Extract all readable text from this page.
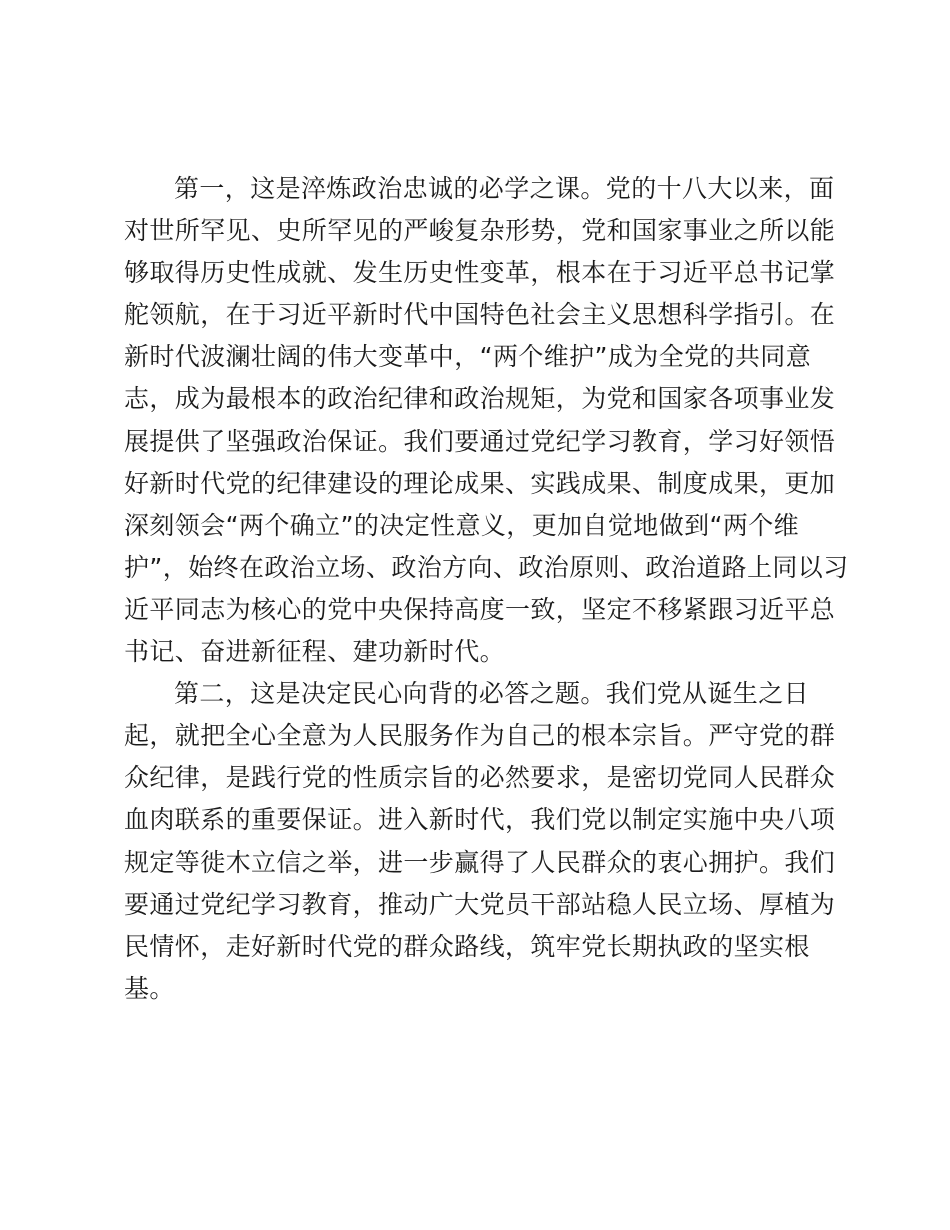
第一，这是淬炼政治忠诚的必学之课。党的十八大以来，面
对世所罕见、史所罕见的严峻复杂形势，党和国家事业之所以能
够取得历史性成就、发生历史性变革，根本在于习近平总书记掌
舵领航，在于习近平新时代中国特色社会主义思想科学指引。在
新时代波澜壮阔的伟大变革中，“两个维护”成为全党的共同意
志，成为最根本的政治纪律和政治规矩，为党和国家各项事业发
展提供了坚强政治保证。我们要通过党纪学习教育，学习好领悟
好新时代党的纪律建设的理论成果、实践成果、制度成果，更加
深刻领会“两个确立”的决定性意义，更加自觉地做到“两个维
护”，始终在政治立场、政治方向、政治原则、政治道路上同以习
近平同志为核心的党中央保持高度一致，坚定不移紧跟习近平总
书记、奋进新征程、建功新时代。
第二，这是决定民心向背的必答之题。我们党从诞生之日
起，就把全心全意为人民服务作为自己的根本宗旨。严守党的群
众纪律，是践行党的性质宗旨的必然要求，是密切党同人民群众
血肉联系的重要保证。进入新时代，我们党以制定实施中央八项
规定等徙木立信之举，进一步赢得了人民群众的衷心拥护。我们
要通过党纪学习教育，推动广大党员干部站稳人民立场、厚植为
民情怀，走好新时代党的群众路线，筑牢党长期执政的坚实根
基。
